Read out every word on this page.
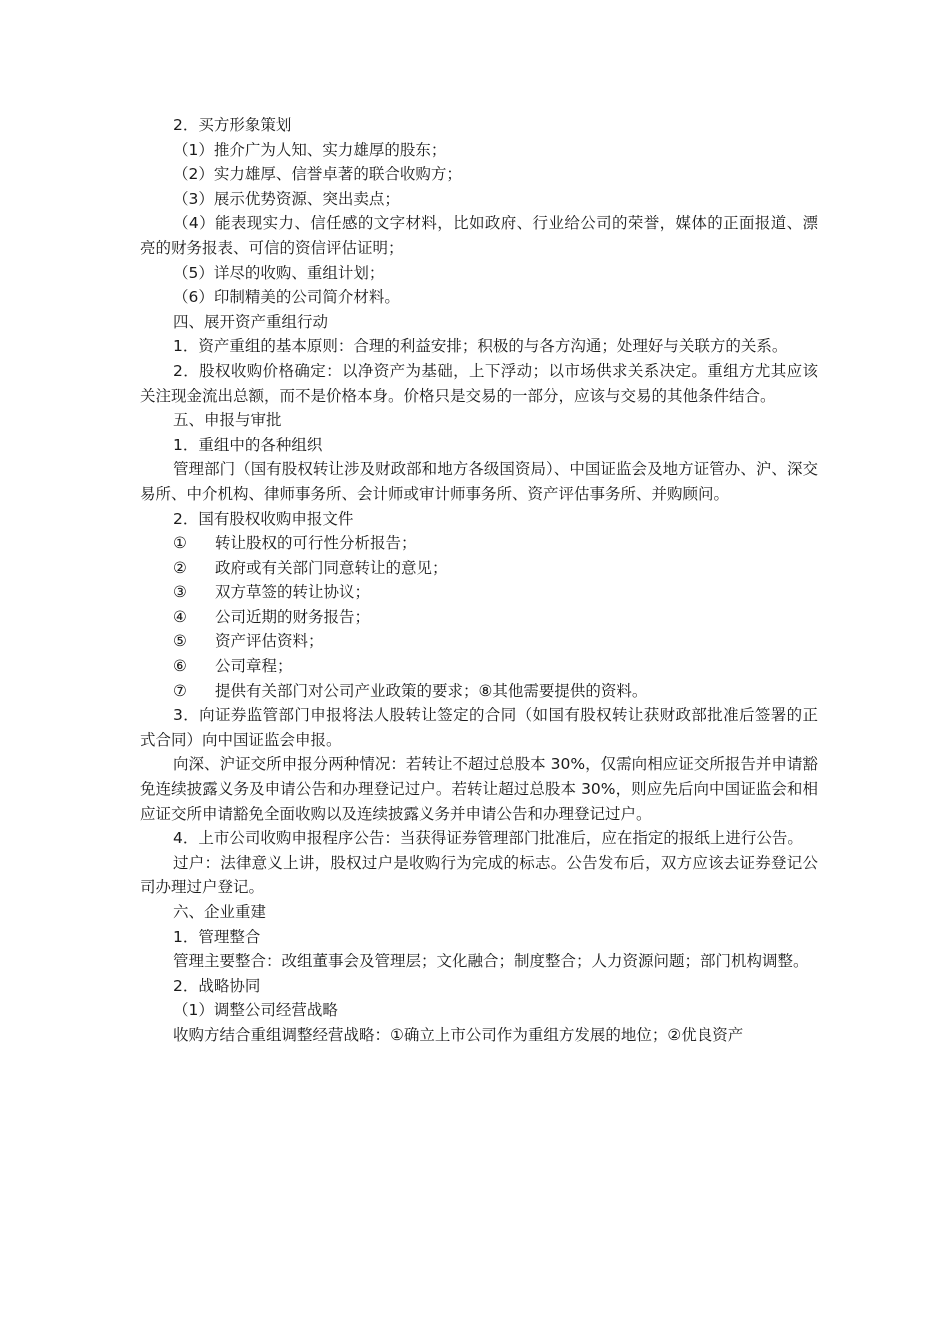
2．买方形象策划

（1）推介广为人知、实力雄厚的股东；

（2）实力雄厚、信誉卓著的联合收购方；

（3）展示优势资源、突出卖点；

（4）能表现实力、信任感的文字材料，比如政府、行业给公司的荣誉，媒体的正面报道、漂亮的财务报表、可信的资信评估证明；

（5）详尽的收购、重组计划；

（6）印制精美的公司简介材料。

四、展开资产重组行动

1．资产重组的基本原则：合理的利益安排；积极的与各方沟通；处理好与关联方的关系。

2．股权收购价格确定：以净资产为基础，上下浮动；以市场供求关系决定。重组方尤其应该关注现金流出总额，而不是价格本身。价格只是交易的一部分，应该与交易的其他条件结合。

五、申报与审批

1．重组中的各种组织

管理部门（国有股权转让涉及财政部和地方各级国资局）、中国证监会及地方证管办、沪、深交易所、中介机构、律师事务所、会计师或审计师事务所、资产评估事务所、并购顾问。

2．国有股权收购申报文件

①	转让股权的可行性分析报告；
②	政府或有关部门同意转让的意见；
③	双方草签的转让协议；
④	公司近期的财务报告；
⑤	资产评估资料；
⑥	公司章程；
⑦	提供有关部门对公司产业政策的要求；⑧其他需要提供的资料。

3．向证券监管部门申报将法人股转让签定的合同（如国有股权转让获财政部批准后签署的正式合同）向中国证监会申报。

向深、沪证交所申报分两种情况：若转让不超过总股本 30%，仅需向相应证交所报告并申请豁免连续披露义务及申请公告和办理登记过户。若转让超过总股本 30%，则应先后向中国证监会和相应证交所申请豁免全面收购以及连续披露义务并申请公告和办理登记过户。

4．上市公司收购申报程序公告：当获得证券管理部门批准后，应在指定的报纸上进行公告。

过户：法律意义上讲，股权过户是收购行为完成的标志。公告发布后，双方应该去证券登记公司办理过户登记。

六、企业重建

1．管理整合

管理主要整合：改组董事会及管理层；文化融合；制度整合；人力资源问题；部门机构调整。

2．战略协同

（1）调整公司经营战略

收购方结合重组调整经营战略：①确立上市公司作为重组方发展的地位；②优良资产
